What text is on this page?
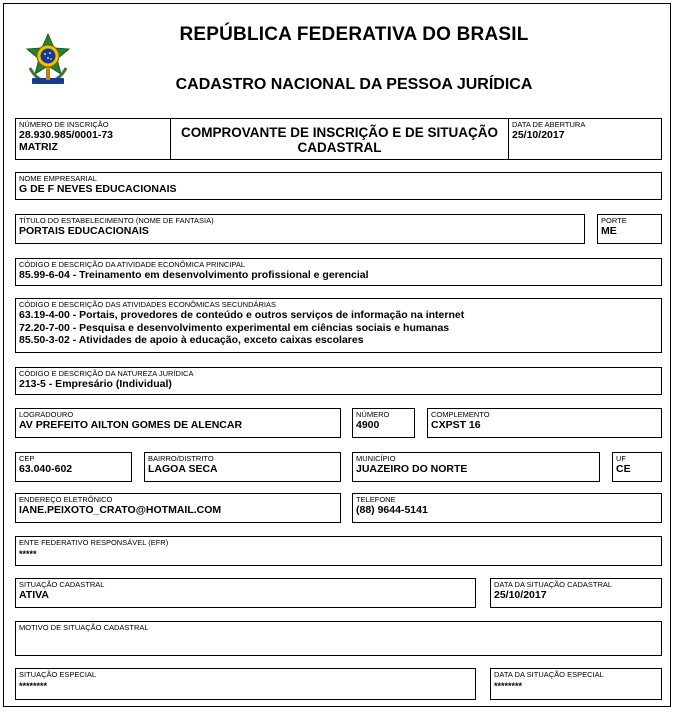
REPÚBLICA FEDERATIVA DO BRASIL
CADASTRO NACIONAL DA PESSOA JURÍDICA
NÚMERO DE INSCRIÇÃO
28.930.985/0001-73
MATRIZ
COMPROVANTE DE INSCRIÇÃO E DE SITUAÇÃO
CADASTRAL
DATA DE ABERTURA
25/10/2017
NOME EMPRESARIAL
G DE F NEVES EDUCACIONAIS
TÍTULO DO ESTABELECIMENTO (NOME DE FANTASIA)
PORTAIS EDUCACIONAIS
PORTE
ME
CÓDIGO E DESCRIÇÃO DA ATIVIDADE ECONÔMICA PRINCIPAL
85.99-6-04 - Treinamento em desenvolvimento profissional e gerencial
CÓDIGO E DESCRIÇÃO DAS ATIVIDADES ECONÔMICAS SECUNDÁRIAS
63.19-4-00 - Portais, provedores de conteúdo e outros serviços de informação na internet
72.20-7-00 - Pesquisa e desenvolvimento experimental em ciências sociais e humanas
85.50-3-02 - Atividades de apoio à educação, exceto caixas escolares
CÓDIGO E DESCRIÇÃO DA NATUREZA JURÍDICA
213-5 - Empresário (Individual)
LOGRADOURO
AV PREFEITO AILTON GOMES DE ALENCAR
NÚMERO
4900
COMPLEMENTO
CXPST 16
CEP
63.040-602
BAIRRO/DISTRITO
LAGOA SECA
MUNICÍPIO
JUAZEIRO DO NORTE
UF
CE
ENDEREÇO ELETRÔNICO
IANE.PEIXOTO_CRATO@HOTMAIL.COM
TELEFONE
(88) 9644-5141
ENTE FEDERATIVO RESPONSÁVEL (EFR)
*****
SITUAÇÃO CADASTRAL
ATIVA
DATA DA SITUAÇÃO CADASTRAL
25/10/2017
MOTIVO DE SITUAÇÃO CADASTRAL
SITUAÇÃO ESPECIAL
********
DATA DA SITUAÇÃO ESPECIAL
********
